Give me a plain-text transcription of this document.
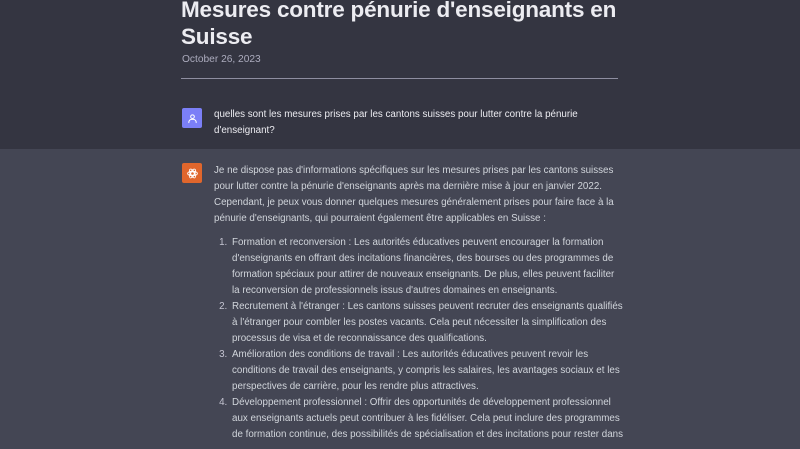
Mesures contre pénurie d'enseignants en Suisse
October 26, 2023
quelles sont les mesures prises par les cantons suisses pour lutter contre la pénurie d'enseignant?

Je ne dispose pas d'informations spécifiques sur les mesures prises par les cantons suisses pour lutter contre la pénurie d'enseignants après ma dernière mise à jour en janvier 2022. Cependant, je peux vous donner quelques mesures généralement prises pour faire face à la pénurie d'enseignants, qui pourraient également être applicables en Suisse :

1. Formation et reconversion : Les autorités éducatives peuvent encourager la formation d'enseignants en offrant des incitations financières, des bourses ou des programmes de formation spéciaux pour attirer de nouveaux enseignants. De plus, elles peuvent faciliter la reconversion de professionnels issus d'autres domaines en enseignants.
2. Recrutement à l'étranger : Les cantons suisses peuvent recruter des enseignants qualifiés à l'étranger pour combler les postes vacants. Cela peut nécessiter la simplification des processus de visa et de reconnaissance des qualifications.
3. Amélioration des conditions de travail : Les autorités éducatives peuvent revoir les conditions de travail des enseignants, y compris les salaires, les avantages sociaux et les perspectives de carrière, pour les rendre plus attractives.
4. Développement professionnel : Offrir des opportunités de développement professionnel aux enseignants actuels peut contribuer à les fidéliser. Cela peut inclure des programmes de formation continue, des possibilités de spécialisation et des incitations pour rester dans
